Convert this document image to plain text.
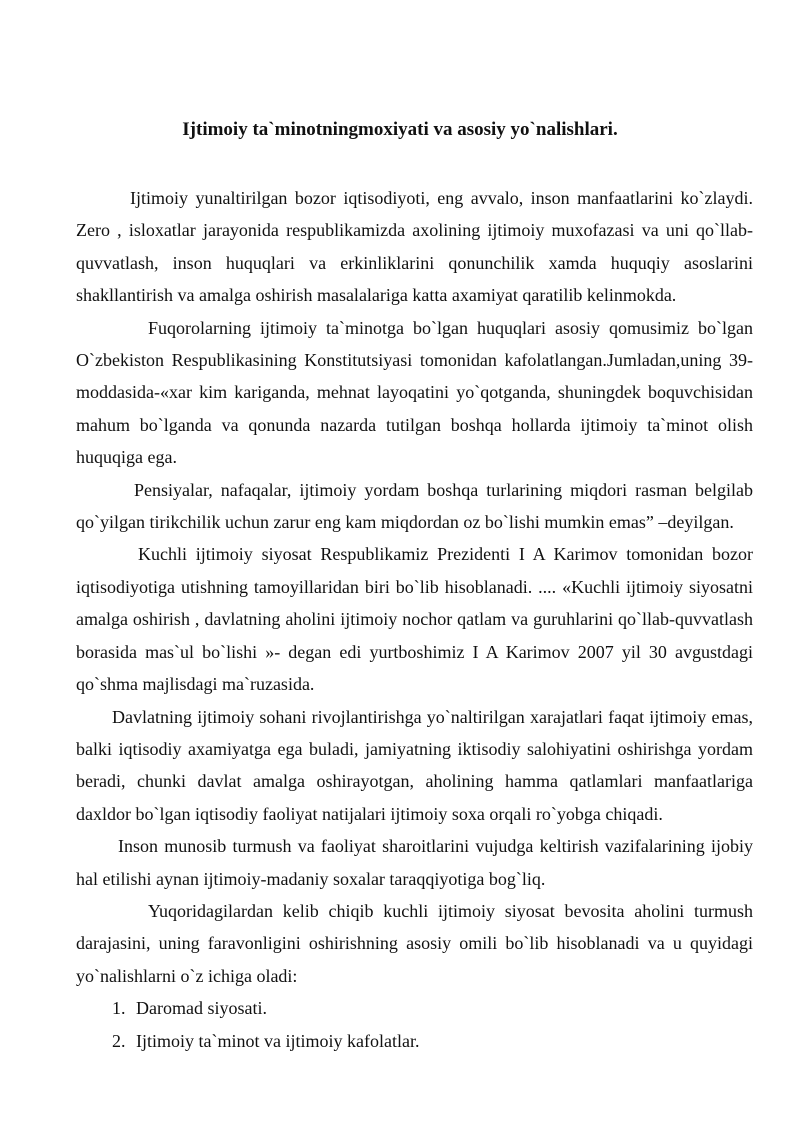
Ijtimoiy ta`minotningmoxiyati va asosiy yo`nalishlari.

Ijtimoiy yunaltirilgan bozor iqtisodiyoti, eng avvalo, inson manfaatlarini ko`zlaydi. Zero , isloxatlar jarayonida respublikamizda axolining ijtimoiy muxofazasi va uni qo`llab-quvvatlash, inson huquqlari va erkinliklarini qonunchilik xamda huquqiy asoslarini shakllantirish va amalga oshirish masalalariga katta axamiyat qaratilib kelinmokda.

Fuqorolarning ijtimoiy ta`minotga bo`lgan huquqlari asosiy qomusimiz bo`lgan O`zbekiston Respublikasining Konstitutsiyasi tomonidan kafolatlangan.Jumladan,uning 39-moddasida-«xar kim kariganda, mehnat layoqatini yo`qotganda, shuningdek boquvchisidan mahum bo`lganda va qonunda nazarda tutilgan boshqa hollarda ijtimoiy ta`minot olish huquqiga ega.

Pensiyalar, nafaqalar, ijtimoiy yordam boshqa turlarining miqdori rasman belgilab qo`yilgan tirikchilik uchun zarur eng kam miqdordan oz bo`lishi mumkin emas” –deyilgan.

Kuchli ijtimoiy siyosat Respublikamiz Prezidenti I A Karimov tomonidan bozor iqtisodiyotiga utishning tamoyillaridan biri bo`lib hisoblanadi. .... «Kuchli ijtimoiy siyosatni amalga oshirish , davlatning aholini ijtimoiy nochor qatlam va guruhlarini qo`llab-quvvatlash borasida mas`ul bo`lishi »- degan edi yurtboshimiz I A Karimov 2007 yil 30 avgustdagi qo`shma majlisdagi ma`ruzasida.

Davlatning ijtimoiy sohani rivojlantirishga yo`naltirilgan xarajatlari faqat ijtimoiy emas, balki iqtisodiy axamiyatga ega buladi, jamiyatning iktisodiy salohiyatini oshirishga yordam beradi, chunki davlat amalga oshirayotgan, aholining hamma qatlamlari manfaatlariga daxldor bo`lgan iqtisodiy faoliyat natijalari ijtimoiy soxa orqali ro`yobga chiqadi.

Inson munosib turmush va faoliyat sharoitlarini vujudga keltirish vazifalarining ijobiy hal etilishi aynan ijtimoiy-madaniy soxalar taraqqiyotiga bog`liq.

Yuqoridagilardan kelib chiqib kuchli ijtimoiy siyosat bevosita aholini turmush darajasini, uning faravonligini oshirishning asosiy omili bo`lib hisoblanadi va u quyidagi yo`nalishlarni o`z ichiga oladi:

1. Daromad siyosati.
2. Ijtimoiy ta`minot va ijtimoiy kafolatlar.
